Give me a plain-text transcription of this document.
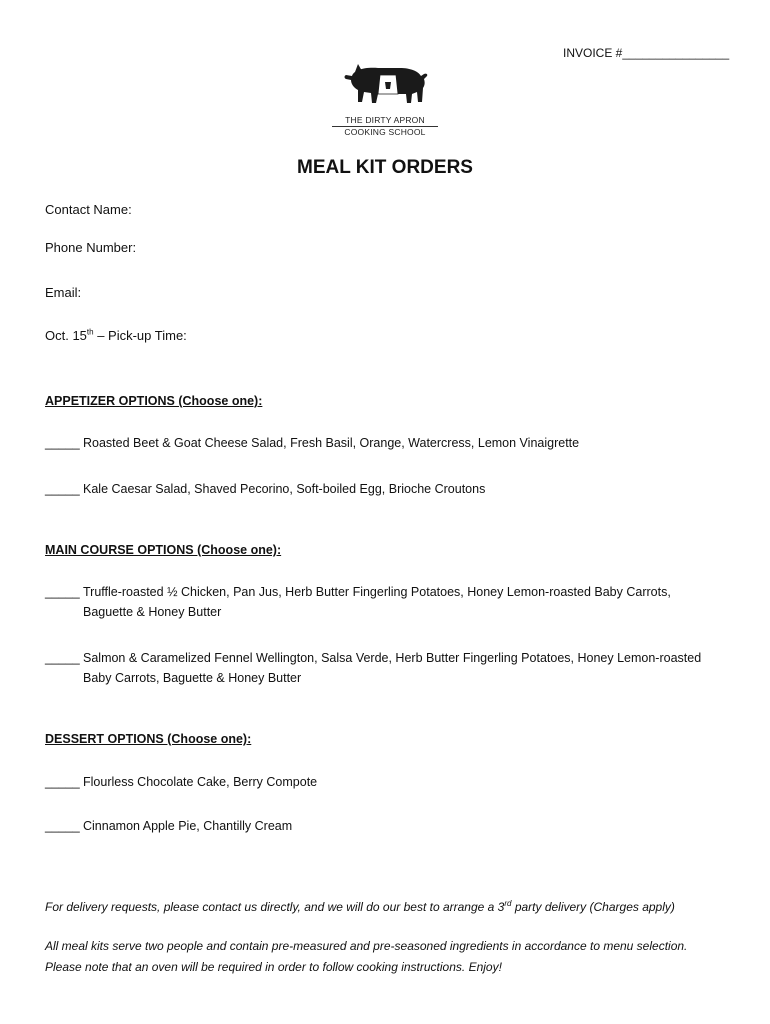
INVOICE #________________
THE DIRTY APRON
COOKING SCHOOL
MEAL KIT ORDERS
Contact Name:
Phone Number:
Email:
Oct. 15th – Pick-up Time:
APPETIZER OPTIONS (Choose one):
_____ Roasted Beet & Goat Cheese Salad, Fresh Basil, Orange, Watercress, Lemon Vinaigrette
_____ Kale Caesar Salad, Shaved Pecorino, Soft-boiled Egg, Brioche Croutons
MAIN COURSE OPTIONS (Choose one):
_____ Truffle-roasted ½ Chicken, Pan Jus, Herb Butter Fingerling Potatoes, Honey Lemon-roasted Baby Carrots,
Baguette & Honey Butter
_____ Salmon & Caramelized Fennel Wellington, Salsa Verde, Herb Butter Fingerling Potatoes, Honey Lemon-roasted
Baby Carrots, Baguette & Honey Butter
DESSERT OPTIONS (Choose one):
_____ Flourless Chocolate Cake, Berry Compote
_____ Cinnamon Apple Pie, Chantilly Cream
For delivery requests, please contact us directly, and we will do our best to arrange a 3rd party delivery (Charges apply)
All meal kits serve two people and contain pre-measured and pre-seasoned ingredients in accordance to menu selection.
Please note that an oven will be required in order to follow cooking instructions. Enjoy!
